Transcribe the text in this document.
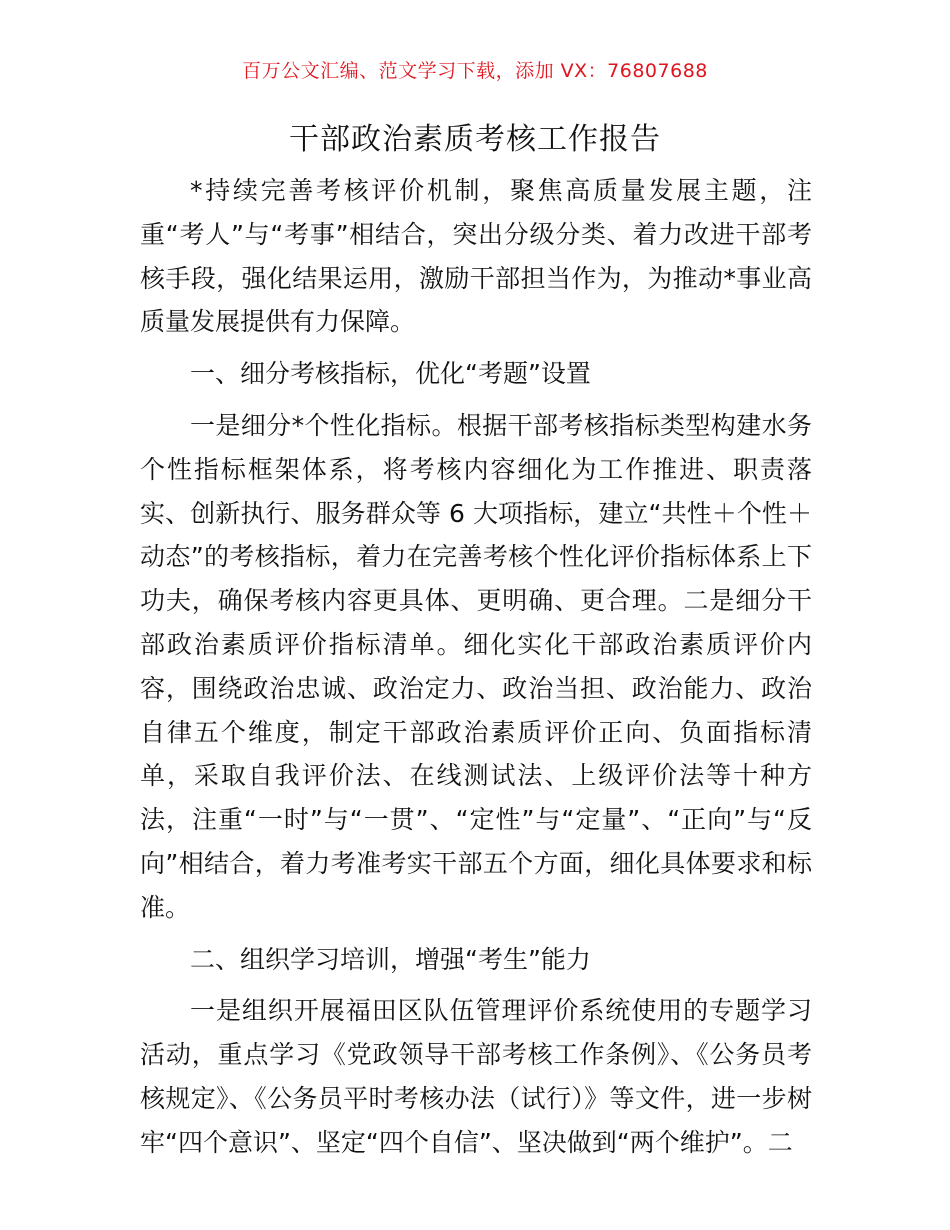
百万公文汇编、范文学习下载，添加 VX：76807688
干部政治素质考核工作报告

*持续完善考核评价机制，聚焦高质量发展主题，注重“考人”与“考事”相结合，突出分级分类、着力改进干部考核手段，强化结果运用，激励干部担当作为，为推动*事业高质量发展提供有力保障。

一、细分考核指标，优化“考题”设置

一是细分*个性化指标。根据干部考核指标类型构建水务个性指标框架体系，将考核内容细化为工作推进、职责落实、创新执行、服务群众等 6 大项指标，建立“共性＋个性＋动态”的考核指标，着力在完善考核个性化评价指标体系上下功夫，确保考核内容更具体、更明确、更合理。二是细分干部政治素质评价指标清单。细化实化干部政治素质评价内容，围绕政治忠诚、政治定力、政治当担、政治能力、政治自律五个维度，制定干部政治素质评价正向、负面指标清单，采取自我评价法、在线测试法、上级评价法等十种方法，注重“一时”与“一贯”、“定性”与“定量”、“正向”与“反向”相结合，着力考准考实干部五个方面，细化具体要求和标准。

二、组织学习培训，增强“考生”能力

一是组织开展福田区队伍管理评价系统使用的专题学习活动，重点学习《党政领导干部考核工作条例》、《公务员考核规定》、《公务员平时考核办法（试行）》等文件，进一步树牢“四个意识”、坚定“四个自信”、坚决做到“两个维护”。二
